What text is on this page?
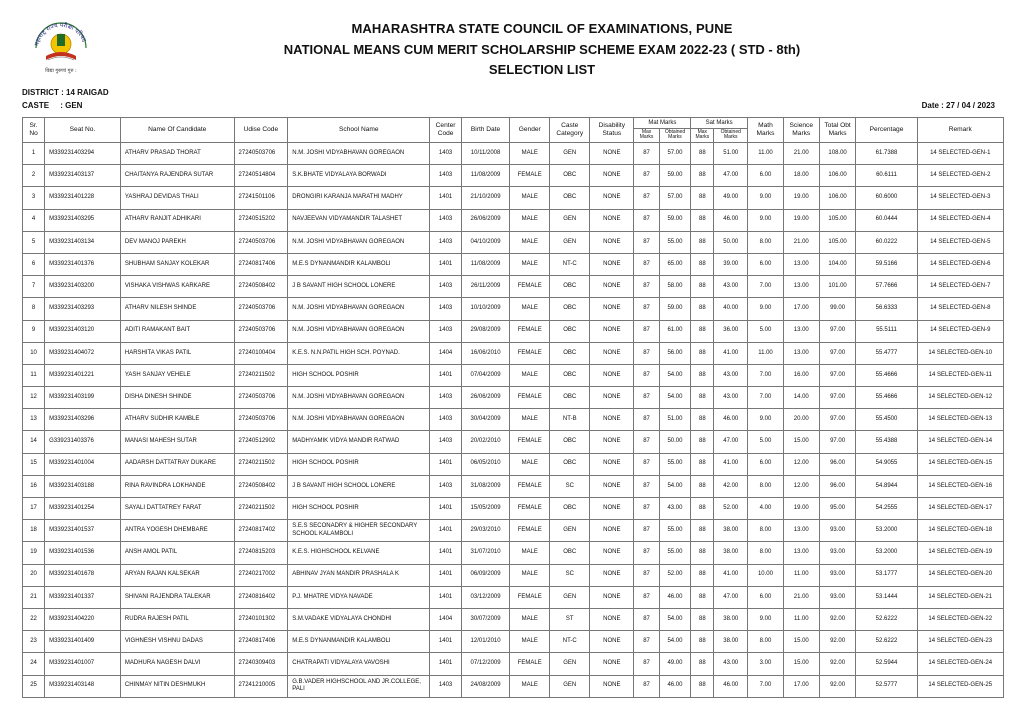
महाराष्ट्र राज्य परीक्षा परिषद
विद्या गुरुणां गुरु :
MAHARASHTRA STATE COUNCIL OF EXAMINATIONS, PUNE
NATIONAL MEANS CUM MERIT SCHOLARSHIP SCHEME EXAM 2022-23 ( STD - 8th)
SELECTION LIST
DISTRICT : 14 RAIGAD
CASTE     : GEN	Date : 27 / 04 / 2023
Sr. No	Seat No.	Name Of Candidate	Udise Code	School Name	Center Code	Birth Date	Gender	Caste Category	Disability Status	Mat Marks		Sat Marks		Math Marks	Science Marks	Total Obt Marks	Percentage	Remark
										Max Marks	Obtained Marks	Max Marks	Obtained Marks					
1	M339231403294	ATHARV PRASAD THORAT	27240503706	N.M. JOSHI VIDYABHAVAN GOREGAON	1403	10/11/2008	MALE	GEN	NONE	87	57.00	88	51.00	11.00	21.00	108.00	61.7388	14 SELECTED-GEN-1
2	M339231403137	CHAITANYA RAJENDRA SUTAR	27240514804	S.K.BHATE VIDYALAYA BORWADI	1403	11/08/2009	FEMALE	OBC	NONE	87	59.00	88	47.00	6.00	18.00	106.00	60.6111	14 SELECTED-GEN-2
3	M339231401228	YASHRAJ DEVIDAS THALI	27241501106	DRONGIRI KARANJA MARATHI MADHY	1401	21/10/2009	MALE	OBC	NONE	87	57.00	88	49.00	9.00	19.00	106.00	60.6000	14 SELECTED-GEN-3
4	M339231403295	ATHARV RANJIT ADHIKARI	27240515202	NAVJEEVAN VIDYAMANDIR TALASHET	1403	26/06/2009	MALE	GEN	NONE	87	59.00	88	46.00	9.00	19.00	105.00	60.0444	14 SELECTED-GEN-4
5	M339231403134	DEV MANOJ PAREKH	27240503706	N.M. JOSHI VIDYABHAVAN GOREGAON	1403	04/10/2009	MALE	GEN	NONE	87	55.00	88	50.00	8.00	21.00	105.00	60.0222	14 SELECTED-GEN-5
6	M339231401376	SHUBHAM SANJAY KOLEKAR	27240817406	M.E.S DYNANMANDIR KALAMBOLI	1401	11/08/2009	MALE	NT-C	NONE	87	65.00	88	39.00	6.00	13.00	104.00	59.5166	14 SELECTED-GEN-6
7	M339231403200	VISHAKA VISHWAS KARKARE	27240508402	J B SAVANT HIGH SCHOOL LONERE	1403	26/11/2009	FEMALE	OBC	NONE	87	58.00	88	43.00	7.00	13.00	101.00	57.7666	14 SELECTED-GEN-7
8	M339231403293	ATHARV NILESH SHINDE	27240503706	N.M. JOSHI VIDYABHAVAN GOREGAON	1403	10/10/2009	MALE	OBC	NONE	87	59.00	88	40.00	9.00	17.00	99.00	56.6333	14 SELECTED-GEN-8
9	M339231403120	ADITI RAMAKANT BAIT	27240503706	N.M. JOSHI VIDYABHAVAN GOREGAON	1403	29/08/2009	FEMALE	OBC	NONE	87	61.00	88	36.00	5.00	13.00	97.00	55.5111	14 SELECTED-GEN-9
10	M339231404072	HARSHITA VIKAS PATIL	27240100404	K.E.S. N.N.PATIL HIGH SCH. POYNAD.	1404	16/06/2010	FEMALE	OBC	NONE	87	56.00	88	41.00	11.00	13.00	97.00	55.4777	14 SELECTED-GEN-10
11	M339231401221	YASH SANJAY VEHELE	27240211502	HIGH SCHOOL POSHIR	1401	07/04/2009	MALE	OBC	NONE	87	54.00	88	43.00	7.00	16.00	97.00	55.4666	14 SELECTED-GEN-11
12	M339231403199	DISHA DINESH SHINDE	27240503706	N.M. JOSHI VIDYABHAVAN GOREGAON	1403	26/06/2009	FEMALE	OBC	NONE	87	54.00	88	43.00	7.00	14.00	97.00	55.4666	14 SELECTED-GEN-12
13	M339231403296	ATHARV SUDHIR KAMBLE	27240503706	N.M. JOSHI VIDYABHAVAN GOREGAON	1403	30/04/2009	MALE	NT-B	NONE	87	51.00	88	46.00	9.00	20.00	97.00	55.4500	14 SELECTED-GEN-13
14	G339231403376	MANASI MAHESH SUTAR	27240512902	MADHYAMIK VIDYA MANDIR RATWAD	1403	20/02/2010	FEMALE	OBC	NONE	87	50.00	88	47.00	5.00	15.00	97.00	55.4388	14 SELECTED-GEN-14
15	M339231401004	AADARSH DATTATRAY DUKARE	27240211502	HIGH SCHOOL POSHIR	1401	06/05/2010	MALE	OBC	NONE	87	55.00	88	41.00	6.00	12.00	96.00	54.9055	14 SELECTED-GEN-15
16	M339231403188	RINA RAVINDRA LOKHANDE	27240508402	J B SAVANT HIGH SCHOOL LONERE	1403	31/08/2009	FEMALE	SC	NONE	87	54.00	88	42.00	8.00	12.00	96.00	54.8944	14 SELECTED-GEN-16
17	M339231401254	SAYALI DATTATREY FARAT	27240211502	HIGH SCHOOL POSHIR	1401	15/05/2009	FEMALE	OBC	NONE	87	43.00	88	52.00	4.00	19.00	95.00	54.2555	14 SELECTED-GEN-17
18	M339231401537	ANTRA YOGESH DHEMBARE	27240817402	S.E.S SECONADRY & HIGHER SECONDARY SCHOOL KALAMBOLI	1401	29/03/2010	FEMALE	GEN	NONE	87	55.00	88	38.00	8.00	13.00	93.00	53.2000	14 SELECTED-GEN-18
19	M339231401536	ANSH AMOL PATIL	27240815203	K.E.S. HIGHSCHOOL KELVANE	1401	31/07/2010	MALE	OBC	NONE	87	55.00	88	38.00	8.00	13.00	93.00	53.2000	14 SELECTED-GEN-19
20	M339231401678	ARYAN RAJAN KALSEKAR	27240217002	ABHINAV JYAN MANDIR PRASHALA K	1401	06/09/2009	MALE	SC	NONE	87	52.00	88	41.00	10.00	11.00	93.00	53.1777	14 SELECTED-GEN-20
21	M339231401337	SHIVANI RAJENDRA TALEKAR	27240816402	P.J. MHATRE VIDYA NAVADE	1401	03/12/2009	FEMALE	GEN	NONE	87	46.00	88	47.00	6.00	21.00	93.00	53.1444	14 SELECTED-GEN-21
22	M339231404220	RUDRA RAJESH PATIL	27240101302	S.M.VADAKE VIDYALAYA CHONDHI	1404	30/07/2009	MALE	ST	NONE	87	54.00	88	38.00	9.00	11.00	92.00	52.6222	14 SELECTED-GEN-22
23	M339231401409	VIGHNESH VISHNU DADAS	27240817406	M.E.S DYNANMANDIR KALAMBOLI	1401	12/01/2010	MALE	NT-C	NONE	87	54.00	88	38.00	8.00	15.00	92.00	52.6222	14 SELECTED-GEN-23
24	M339231401007	MADHURA NAGESH DALVI	27240309403	CHATRAPATI VIDYALAYA VAVOSHI	1401	07/12/2009	FEMALE	GEN	NONE	87	49.00	88	43.00	3.00	15.00	92.00	52.5944	14 SELECTED-GEN-24
25	M339231403148	CHINMAY NITIN DESHMUKH	27241210005	G.B.VADER HIGHSCHOOL AND JR.COLLEGE, PALI	1403	24/08/2009	MALE	GEN	NONE	87	46.00	88	46.00	7.00	17.00	92.00	52.5777	14 SELECTED-GEN-25
